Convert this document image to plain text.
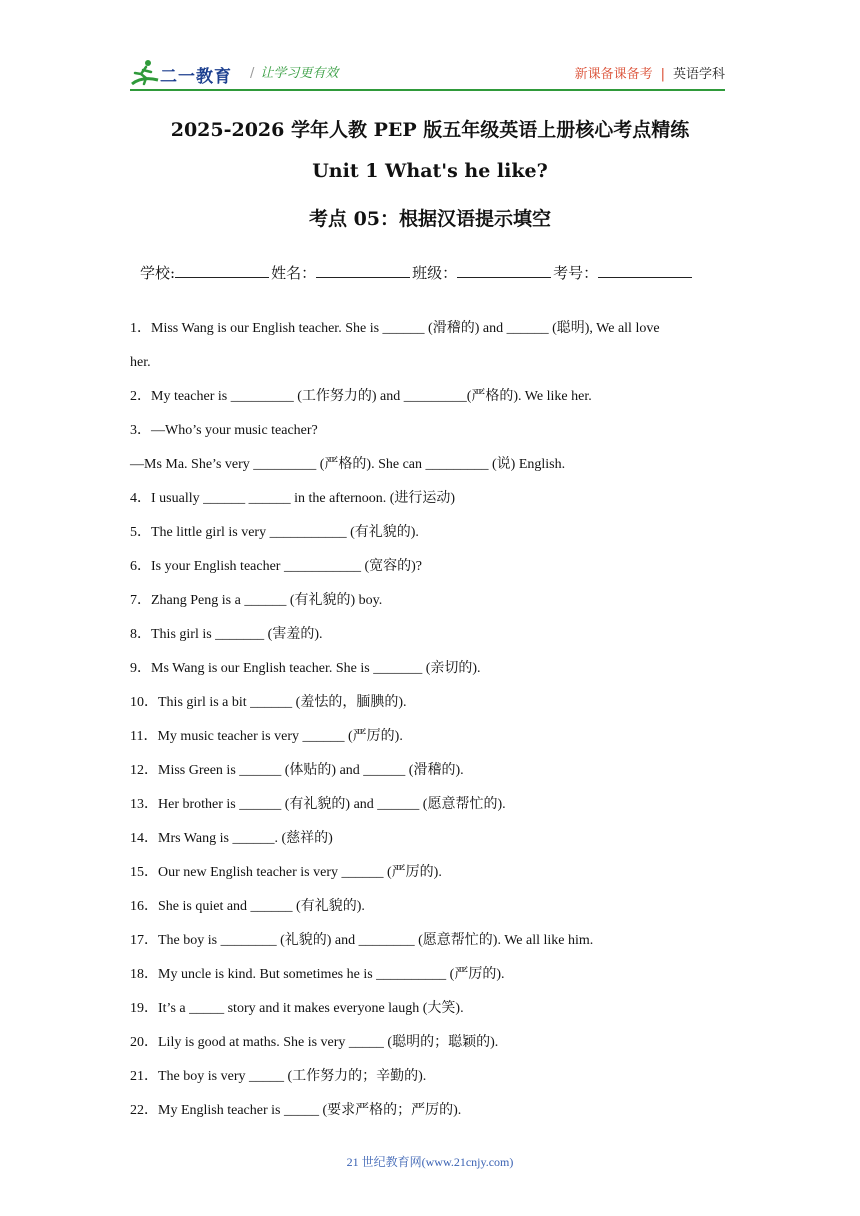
二一教育 / 让学习更有效	新课备课备考 | 英语学科
2025-2026 学年人教 PEP 版五年级英语上册核心考点精练
Unit 1 What's he like?
考点 05：根据汉语提示填空
学校:	姓名：	班级：	考号：
1．Miss Wang is our English teacher. She is ______ (滑稽的) and ______ (聪明), We all love
her.
2．My teacher is _________ (工作努力的) and _________(严格的). We like her.
3．—Who’s your music teacher?
—Ms Ma. She’s very _________ (严格的). She can _________ (说) English.
4．I usually ______ ______ in the afternoon. (进行运动)
5．The little girl is very ___________ (有礼貌的).
6．Is your English teacher ___________ (宽容的)?
7．Zhang Peng is a ______ (有礼貌的) boy.
8．This girl is _______ (害羞的).
9．Ms Wang is our English teacher. She is _______ (亲切的).
10．This girl is a bit ______ (羞怯的，腼腆的).
11．My music teacher is very ______ (严厉的).
12．Miss Green is ______ (体贴的) and ______ (滑稽的).
13．Her brother is ______ (有礼貌的) and ______ (愿意帮忙的).
14．Mrs Wang is ______. (慈祥的)
15．Our new English teacher is very ______ (严厉的).
16．She is quiet and ______ (有礼貌的).
17．The boy is ________ (礼貌的) and ________ (愿意帮忙的). We all like him.
18．My uncle is kind. But sometimes he is __________ (严厉的).
19．It’s a _____ story and it makes everyone laugh (大笑).
20．Lily is good at maths. She is very _____ (聪明的；聪颖的).
21．The boy is very _____ (工作努力的；辛勤的).
22．My English teacher is _____ (要求严格的；严厉的).
21 世纪教育网(www.21cnjy.com)
